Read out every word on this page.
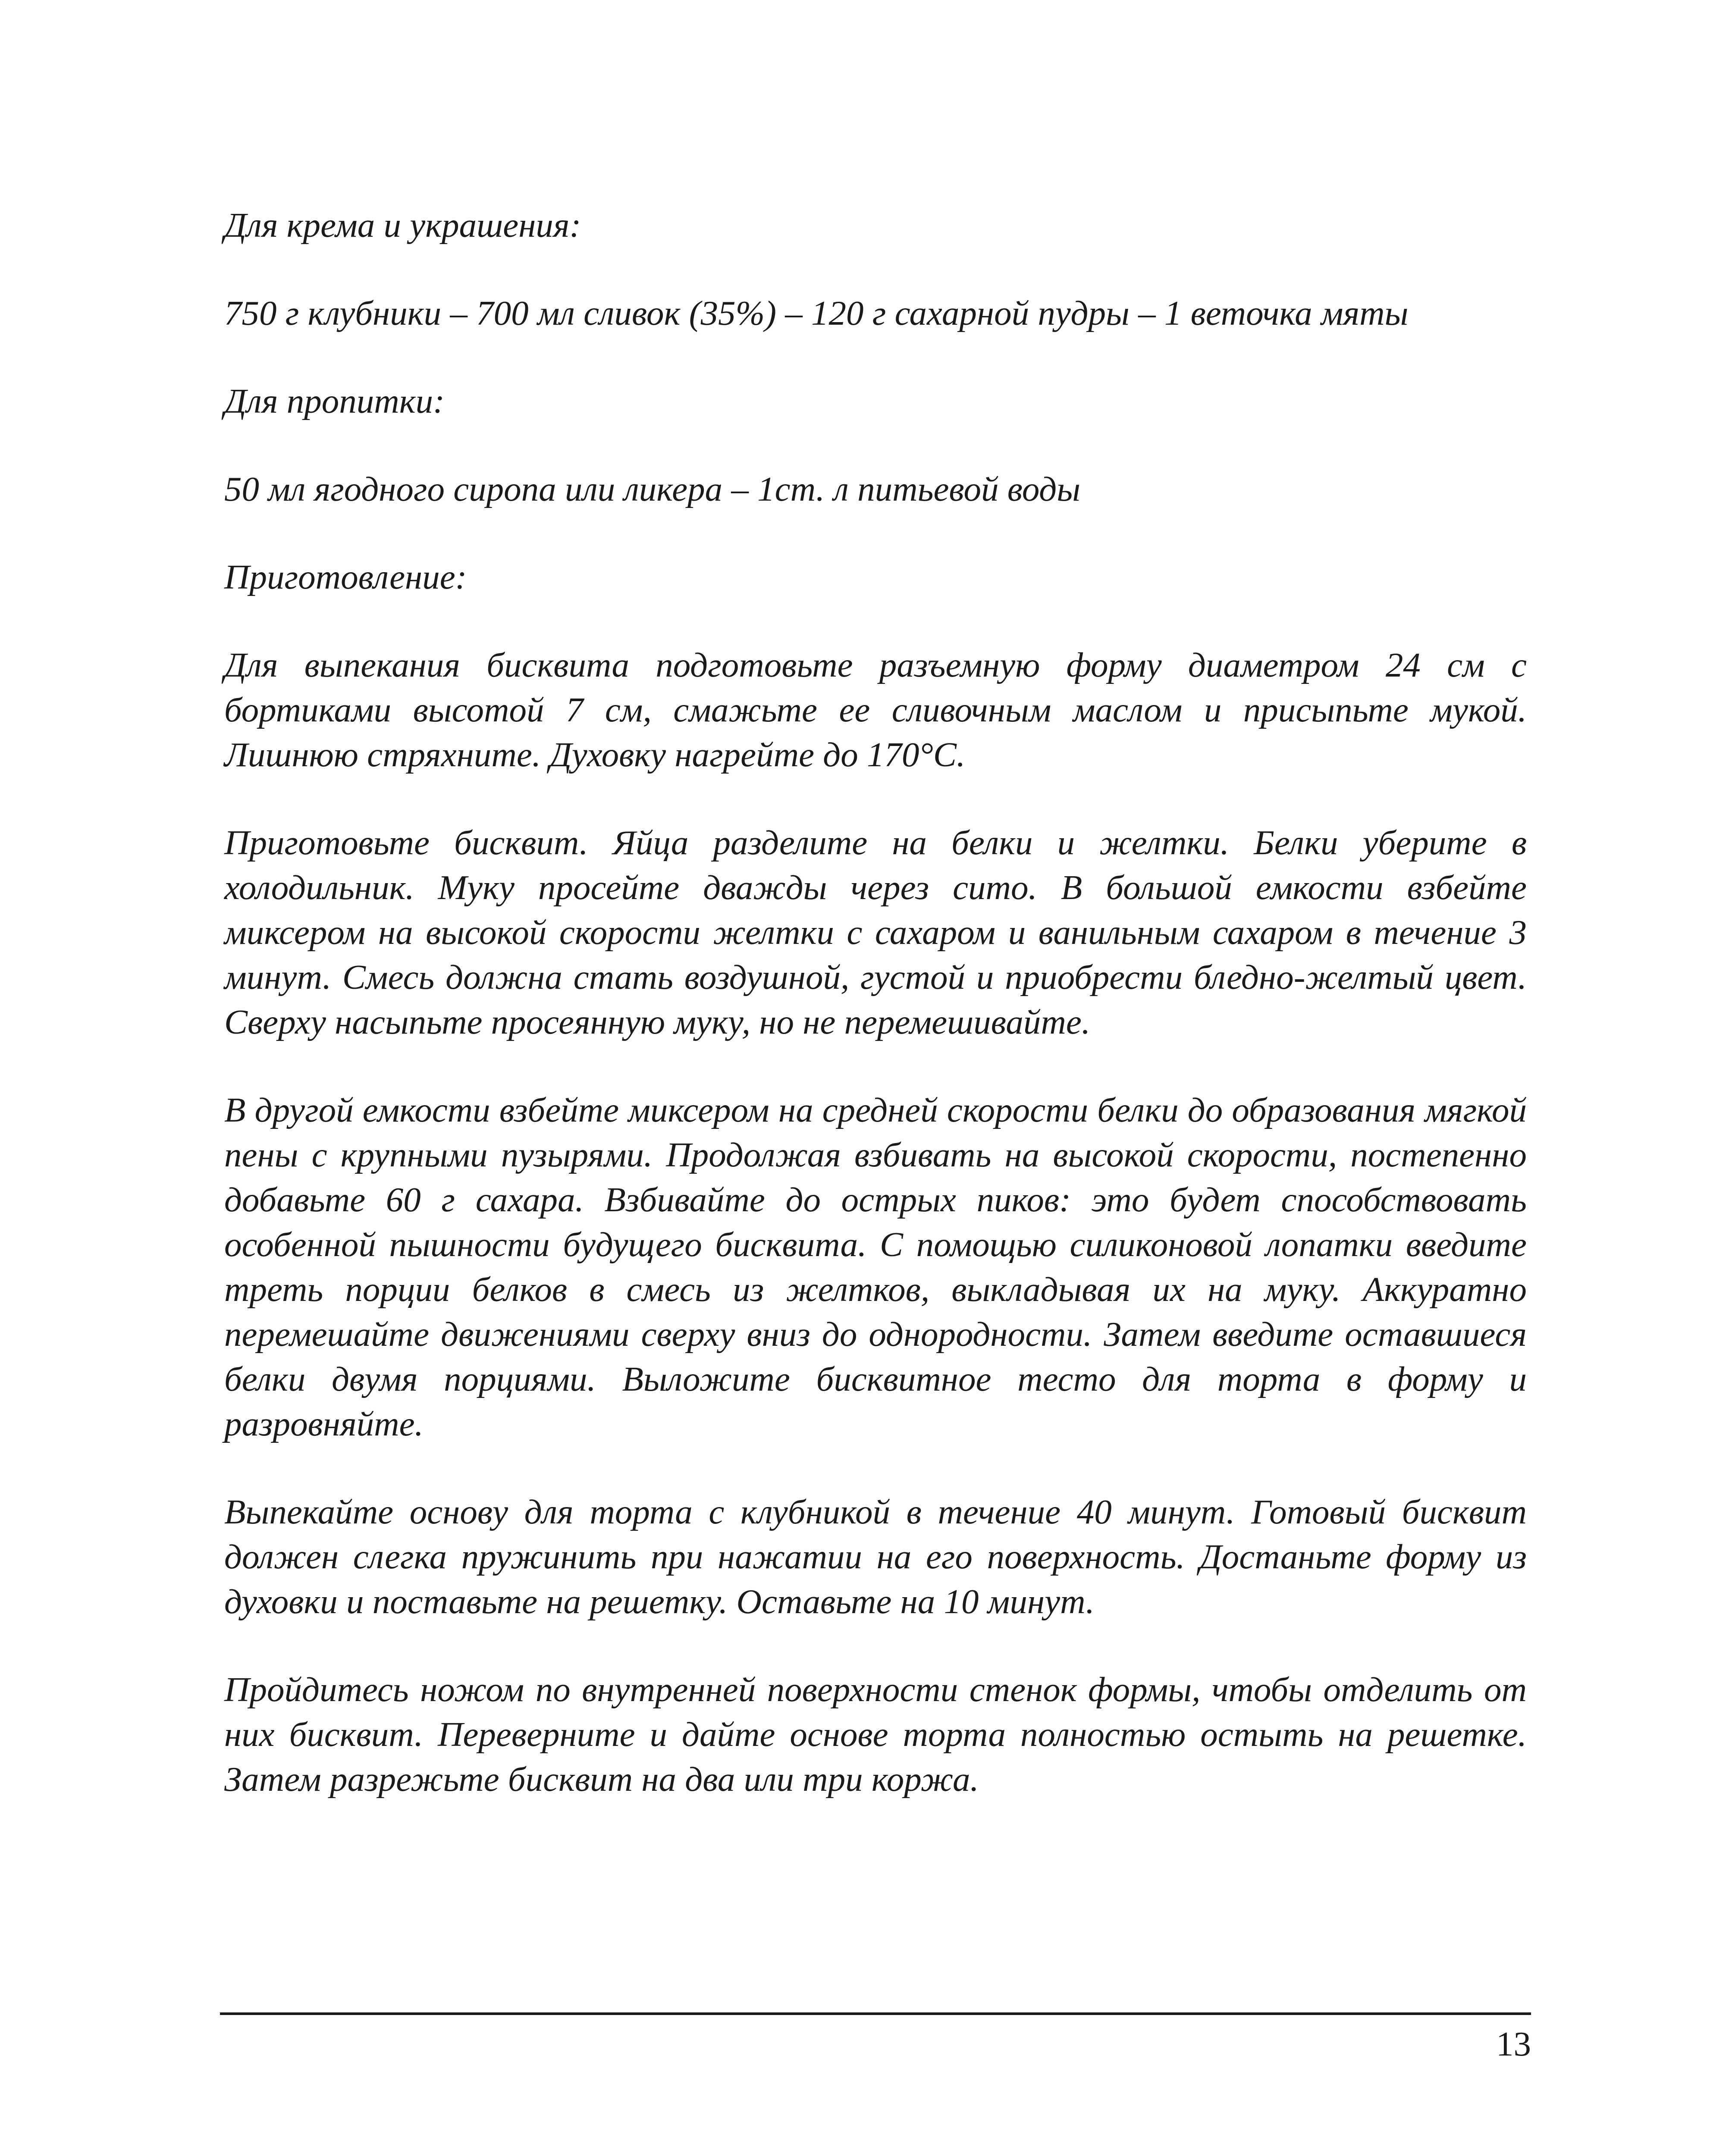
Для крема и украшения:

750 г клубники – 700 мл сливок (35%) – 120 г сахарной пудры – 1 веточка мяты

Для пропитки:

50 мл ягодного сиропа или ликера – 1ст. л питьевой воды

Приготовление:

Для выпекания бисквита подготовьте разъемную форму диаметром 24 см с бортиками высотой 7 см, смажьте ее сливочным маслом и присыпьте мукой. Лишнюю стряхните. Духовку нагрейте до 170°С.

Приготовьте бисквит. Яйца разделите на белки и желтки. Белки уберите в холодильник. Муку просейте дважды через сито. В большой емкости взбейте миксером на высокой скорости желтки с сахаром и ванильным сахаром в течение 3 минут. Смесь должна стать воздушной, густой и приобрести бледно-желтый цвет. Сверху насыпьте просеянную муку, но не перемешивайте.

В другой емкости взбейте миксером на средней скорости белки до образования мягкой пены с крупными пузырями. Продолжая взбивать на высокой скорости, постепенно добавьте 60 г сахара. Взбивайте до острых пиков: это будет способствовать особенной пышности будущего бисквита. С помощью силиконовой лопатки введите треть порции белков в смесь из желтков, выкладывая их на муку. Аккуратно перемешайте движениями сверху вниз до однородности. Затем введите оставшиеся белки двумя порциями. Выложите бисквитное тесто для торта в форму и разровняйте.

Выпекайте основу для торта с клубникой в течение 40 минут. Готовый бисквит должен слегка пружинить при нажатии на его поверхность. Достаньте форму из духовки и поставьте на решетку. Оставьте на 10 минут.

Пройдитесь ножом по внутренней поверхности стенок формы, чтобы отделить от них бисквит. Переверните и дайте основе торта полностью остыть на решетке. Затем разрежьте бисквит на два или три коржа.

13
